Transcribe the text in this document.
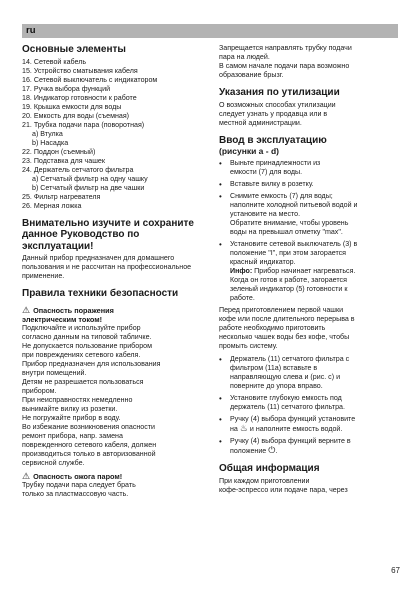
ru
Основные элементы

14. Сетевой кабель

15. Устройство сматывания кабеля

16. Сетевой выключатель с индикатором

17. Ручка выбора функций

18. Индикатор готовности к работе

19. Крышка емкости для воды

20. Емкость для воды (съемная)

21. Трубка подачи пара (поворотная)

a) Втулка

b) Насадка

22. Поддон (съемный)

23. Подставка для чашек

24. Держатель сетчатого фильтра

a) Сетчатый фильтр на одну чашку

b) Сетчатый фильтр на две чашки

25. Фильтр нагревателя

26. Мерная ложка

Внимательно изучите и сохраните данное Руководство по эксплуатации!

Данный прибор предназначен для домашнего пользования и не рассчитан на профессиональное применение.

Правила техники безопасности

⚠ Опасность поражения

электрическим током!

Подключайте и используйте прибор

согласно данным на типовой табличке.

Не допускается пользование прибором

при повреждениях сетевого кабеля.

Прибор предназначен для использования

внутри помещений.

Детям не разрешается пользоваться

прибором.

При неисправностях немедленно

вынимайте вилку из розетки.

Не погружайте прибор в воду.

Во избежание возникновения опасности

ремонт прибора, напр. замена

поврежденного сетевого кабеля, должен

производиться только в авторизованной

сервисной службе.

⚠ Опасность ожога паром!

Трубку подачи пара следует брать

только за пластмассовую часть.

Запрещается направлять трубку подачи

пара на людей.

В самом начале подачи пара возможно

образование брызг.

Указания по утилизации

О возможных способах утилизации

следует узнать у продавца или в

местной администрации.

Ввод в эксплуатацию
(рисунки a - d)
• Выньте принадлежности из
емкости (7) для воды.
• Вставьте вилку в розетку.
• Снимите емкость (7) для воды;
наполните холодной питьевой водой и
установите на место.
Обратите внимание, чтобы уровень
воды на превышал отметку "max".
• Установите сетевой выключатель (3) в
положение "I", при этом загорается
красный индикатор.

Инфо: Прибор начинает нагреваться.

Когда он готов к работе, загорается

зеленый индикатор (5) готовности к

работе.

Перед приготовлением первой чашки

кофе или после длительного перерыва в

работе необходимо приготовить

несколько чашек воды без кофе, чтобы

промыть систему.

• Держатель (11) сетчатого фильтра с
фильтром (11a) вставьте в
направляющую слева и (рис. c) и
поверните до упора вправо.
• Установите глубокую емкость под
держатель (11) сетчатого фильтра.
• Ручку (4) выбора функций установите
на ♨ и наполните емкость водой.
• Ручку (4) выбора функций верните в
положение ⏻.
Общая информация

При каждом приготовлении

кофе-эспрессо или подаче пара, через

67
